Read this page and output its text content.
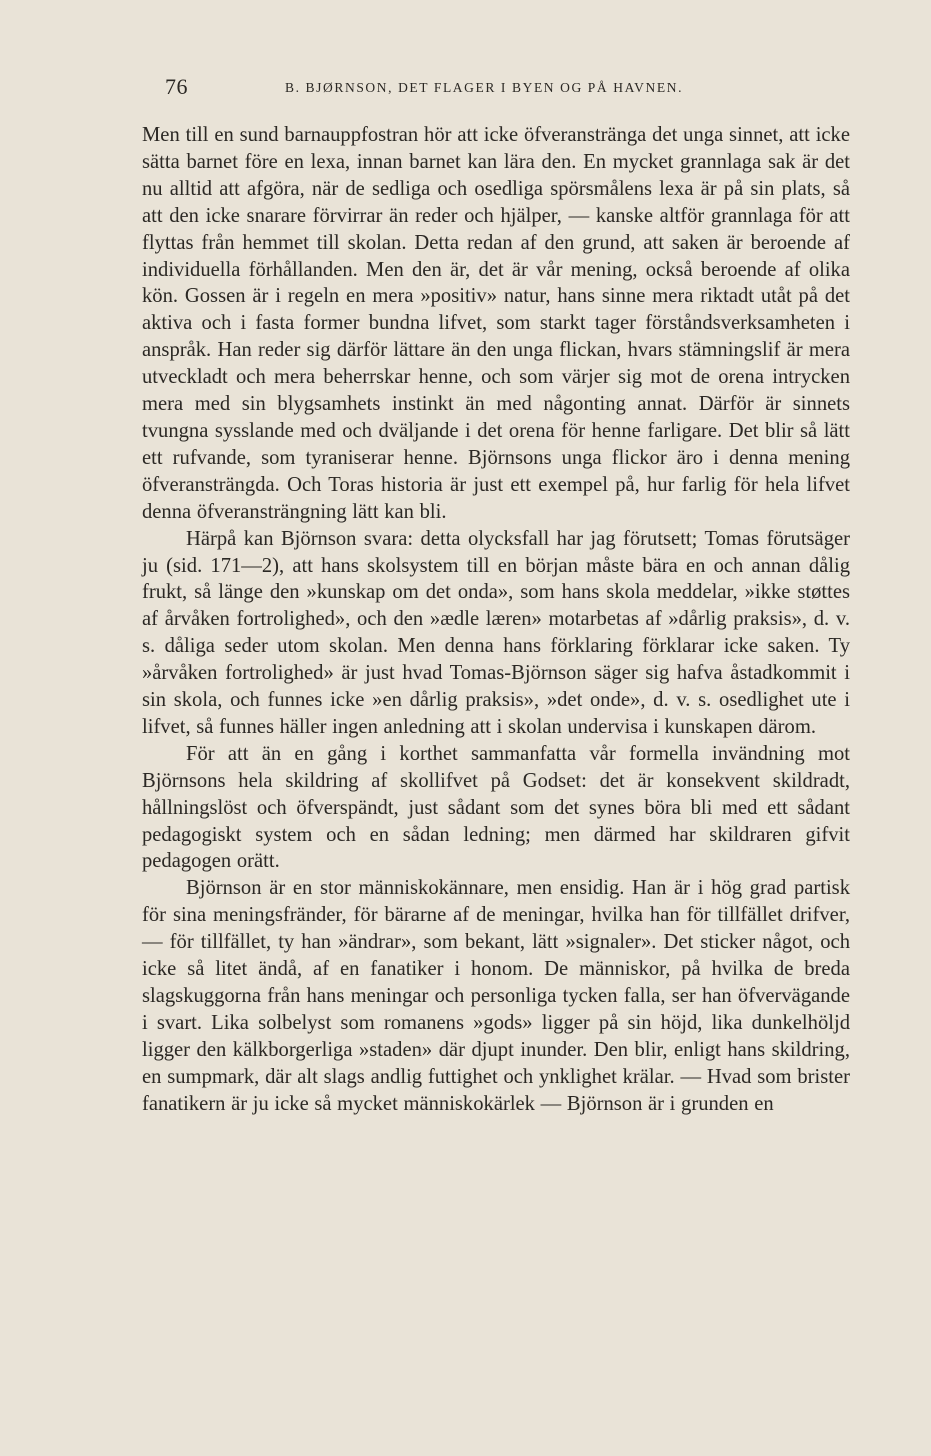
76	B. BJØRNSON, DET FLAGER I BYEN OG PÅ HAVNEN.

Men till en sund barnauppfostran hör att icke öfveransträngа det unga sinnet, att icke sätta barnet före en lexa, innan barnet kan lära den. En mycket grannlaga sak är det nu alltid att afgöra, när de sedliga och osedliga spörsmålens lexa är på sin plats, så att den icke snarare förvirrar än reder och hjälper, — kanske altför grannlaga för att flyttas från hemmet till skolan. Detta redan af den grund, att saken är beroende af individuella förhållanden. Men den är, det är vår mening, också beroende af olika kön. Gossen är i regeln en mera »positiv» natur, hans sinne mera riktadt utåt på det aktiva och i fasta former bundna lifvet, som starkt tager förståndsverksamheten i anspråk. Han reder sig därför lättare än den unga flickan, hvars stämningslif är mera utveckladt och mera beherrskar henne, och som värjer sig mot de orena intrycken mera med sin blygsamhets instinkt än med någonting annat. Därför är sinnets tvungna sysslande med och dväljande i det orena för henne farligare. Det blir så lätt ett rufvande, som tyraniserar henne. Björnsons unga flickor äro i denna mening öfveransträngda. Och Toras historia är just ett exempel på, hur farlig för hela lifvet denna öfveransträngning lätt kan bli.

Härpå kan Björnson svara: detta olycksfall har jag förutsett; Tomas förutsäger ju (sid. 171—2), att hans skolsystem till en början måste bära en och annan dålig frukt, så länge den »kunskap om det onda», som hans skola meddelar, »ikke støttes af årvåken fortrolighed», och den »ædle læren» motarbetas af »dårlig praksis», d. v. s. dåliga seder utom skolan. Men denna hans förklaring förklarar icke saken. Ty »årvåken fortrolighed» är just hvad Tomas-Björnson säger sig hafva åstadkommit i sin skola, och funnes icke »en dårlig praksis», »det onde», d. v. s. osedlighet ute i lifvet, så funnes häller ingen anledning att i skolan undervisa i kunskapen därom.

För att än en gång i korthet sammanfatta vår formella invändning mot Björnsons hela skildring af skollifvet på Godset: det är konsekvent skildradt, hållningslöst och öfverspändt, just sådant som det synes böra bli med ett sådant pedagogiskt system och en sådan ledning; men därmed har skildraren gifvit pedagogen orätt.

Björnson är en stor människokännare, men ensidig. Han är i hög grad partisk för sina meningsfränder, för bärarne af de meningar, hvilka han för tillfället drifver, — för tillfället, ty han »ändrar», som bekant, lätt »signaler». Det sticker något, och icke så litet ändå, af en fanatiker i honom. De människor, på hvilka de breda slagskuggorna från hans meningar och personliga tycken falla, ser han öfvervägande i svart. Lika solbelyst som romanens »gods» ligger på sin höjd, lika dunkelhöljd ligger den kälkborgerliga »staden» där djupt inunder. Den blir, enligt hans skildring, en sumpmark, där alt slags andlig futtighet och ynklighet krälar. — Hvad som brister fanatikern är ju icke så mycket människokärlek — Björnson är i grunden en
